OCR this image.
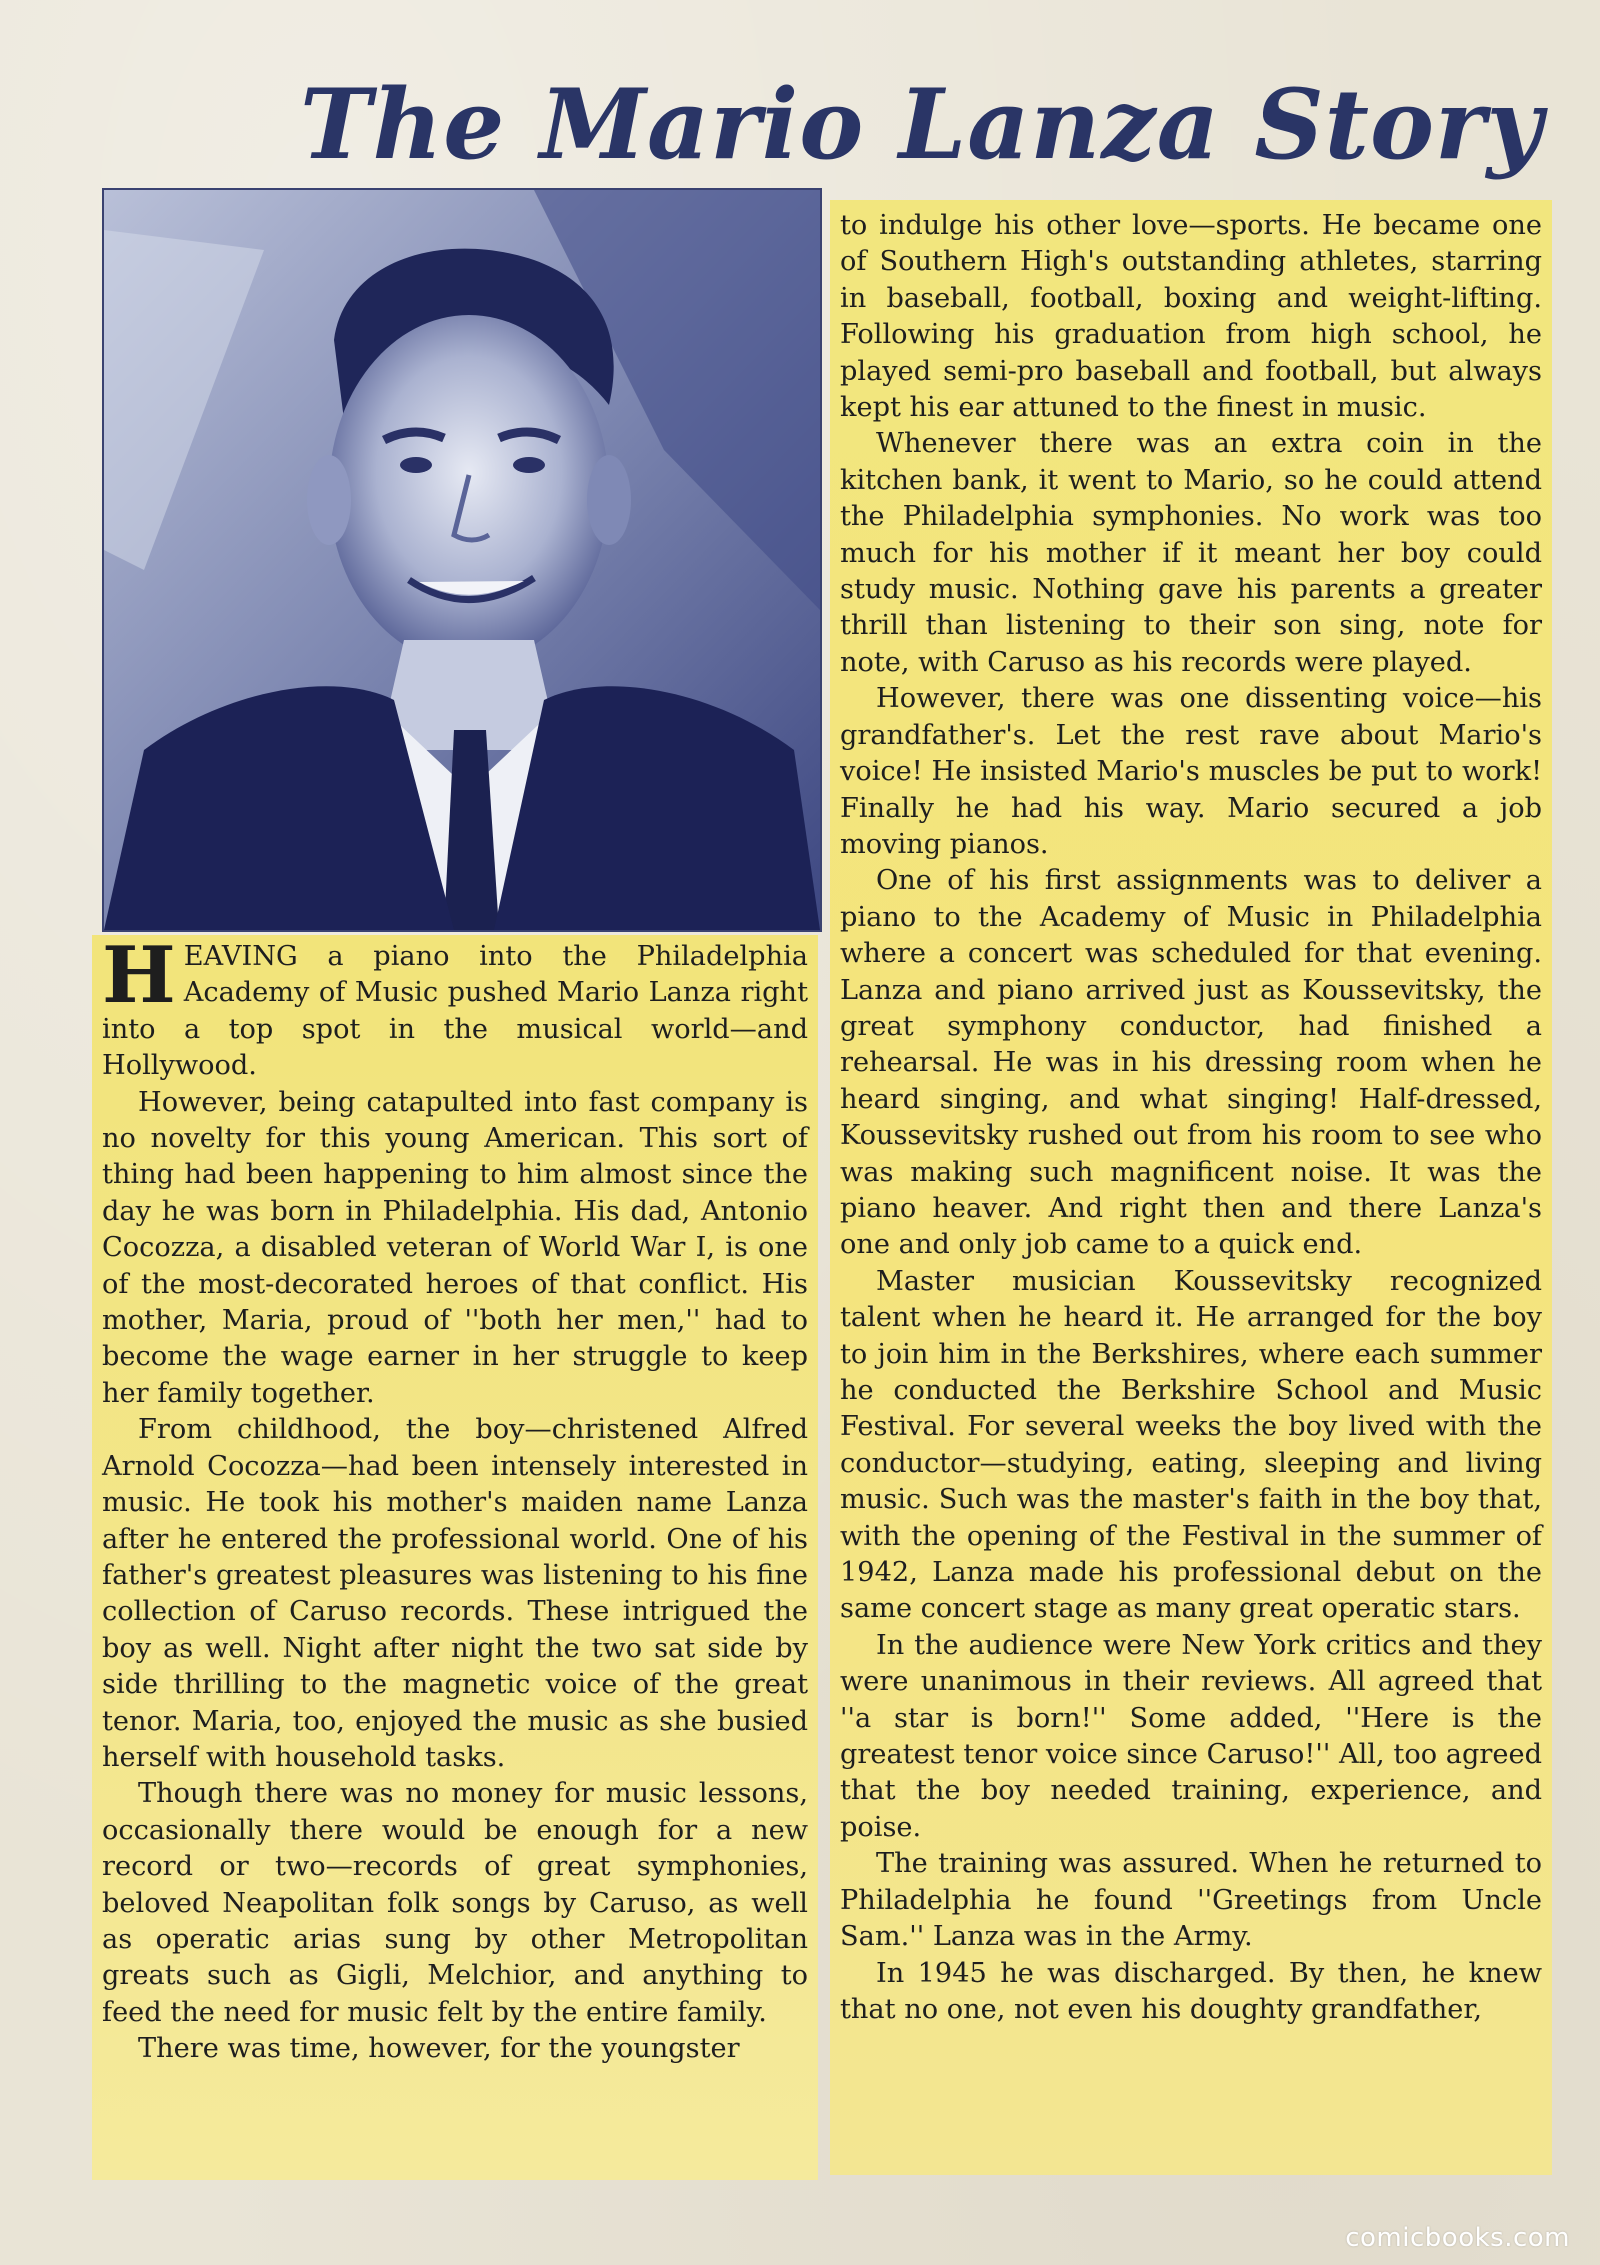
The Mario Lanza Story

HEAVING a piano into the Philadelphia Academy of Music pushed Mario Lanza right into a top spot in the musical world—and Hollywood.

However, being catapulted into fast company is no novelty for this young American. This sort of thing had been happening to him almost since the day he was born in Philadelphia. His dad, Antonio Cocozza, a disabled veteran of World War I, is one of the most-decorated heroes of that conflict. His mother, Maria, proud of ''both her men,'' had to become the wage earner in her struggle to keep her family together.

From childhood, the boy—christened Alfred Arnold Cocozza—had been intensely interested in music. He took his mother's maiden name Lanza after he entered the professional world. One of his father's greatest pleasures was listening to his fine collection of Caruso records. These intrigued the boy as well. Night after night the two sat side by side thrilling to the magnetic voice of the great tenor. Maria, too, enjoyed the music as she busied herself with household tasks.

Though there was no money for music lessons, occasionally there would be enough for a new record or two—records of great symphonies, beloved Neapolitan folk songs by Caruso, as well as operatic arias sung by other Metropolitan greats such as Gigli, Melchior, and anything to feed the need for music felt by the entire family.

There was time, however, for the youngster

to indulge his other love—sports. He became one of Southern High's outstanding athletes, starring in baseball, football, boxing and weight-lifting. Following his graduation from high school, he played semi-pro baseball and football, but always kept his ear attuned to the finest in music.

Whenever there was an extra coin in the kitchen bank, it went to Mario, so he could attend the Philadelphia symphonies. No work was too much for his mother if it meant her boy could study music. Nothing gave his parents a greater thrill than listening to their son sing, note for note, with Caruso as his records were played.

However, there was one dissenting voice—his grandfather's. Let the rest rave about Mario's voice! He insisted Mario's muscles be put to work! Finally he had his way. Mario secured a job moving pianos.

One of his first assignments was to deliver a piano to the Academy of Music in Philadelphia where a concert was scheduled for that evening. Lanza and piano arrived just as Koussevitsky, the great symphony conductor, had finished a rehearsal. He was in his dressing room when he heard singing, and what singing! Half-dressed, Koussevitsky rushed out from his room to see who was making such magnificent noise. It was the piano heaver. And right then and there Lanza's one and only job came to a quick end.

Master musician Koussevitsky recognized talent when he heard it. He arranged for the boy to join him in the Berkshires, where each summer he conducted the Berkshire School and Music Festival. For several weeks the boy lived with the conductor—studying, eating, sleeping and living music. Such was the master's faith in the boy that, with the opening of the Festival in the summer of 1942, Lanza made his professional debut on the same concert stage as many great operatic stars.

In the audience were New York critics and they were unanimous in their reviews. All agreed that ''a star is born!'' Some added, ''Here is the greatest tenor voice since Caruso!'' All, too agreed that the boy needed training, experience, and poise.

The training was assured. When he returned to Philadelphia he found ''Greetings from Uncle Sam.'' Lanza was in the Army.

In 1945 he was discharged. By then, he knew that no one, not even his doughty grandfather,

comicbooks.com
